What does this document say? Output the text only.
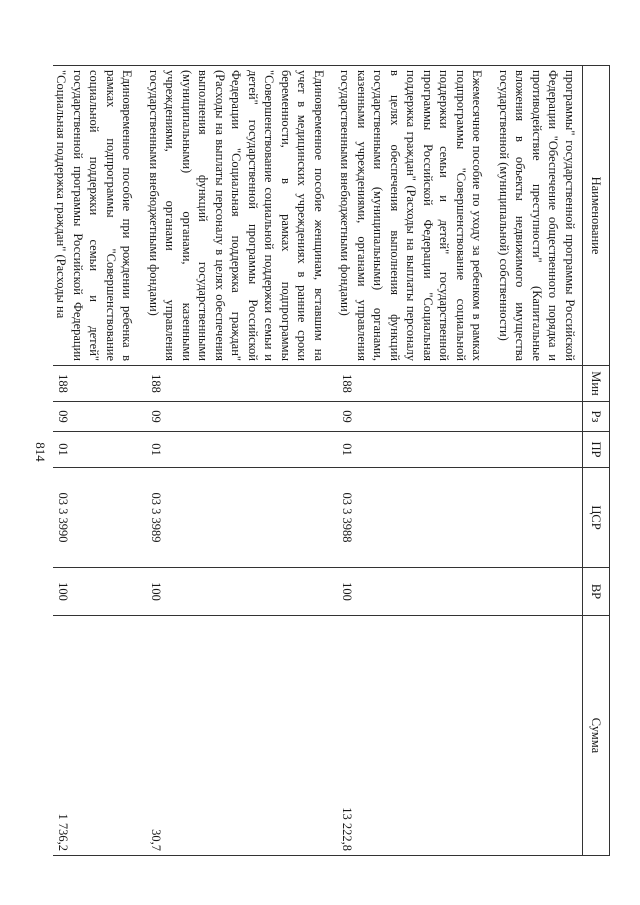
814
Наименование	Мин	Рз	ПР	ЦСР	ВР	Сумма
программы" государственной программы Российской Федерации "Обеспечение общественного порядка и противодействие преступности" (Капитальные вложения в объекты недвижимого имущества государственной (муниципальной) собственности)						

Ежемесячное пособие по уходу за ребенком в рамках подпрограммы "Совершенствование социальной поддержки семьи и детей" государственной программы Российской Федерации "Социальная поддержка граждан" (Расходы на выплаты персоналу в целях обеспечения выполнения функций государственными (муниципальными) органами, казенными учреждениями, органами управления государственными внебюджетными фондами)	188	09	01	03 3 3988	100	13 222,8

Единовременное пособие женщинам, вставшим на учет в медицинских учреждениях в ранние сроки беременности, в рамках подпрограммы "Совершенствование социальной поддержки семьи и детей" государственной программы Российской Федерации "Социальная поддержка граждан" (Расходы на выплаты персоналу в целях обеспечения выполнения функций государственными (муниципальными) органами, казенными учреждениями, органами управления государственными внебюджетными фондами)	188	09	01	03 3 3989	100	30,7

Единовременное пособие при рождении ребенка в рамках подпрограммы "Совершенствование социальной поддержки семьи и детей" государственной программы Российской Федерации "Социальная поддержка граждан" (Расходы на	188	09	01	03 3 3990	100	1 736,2
